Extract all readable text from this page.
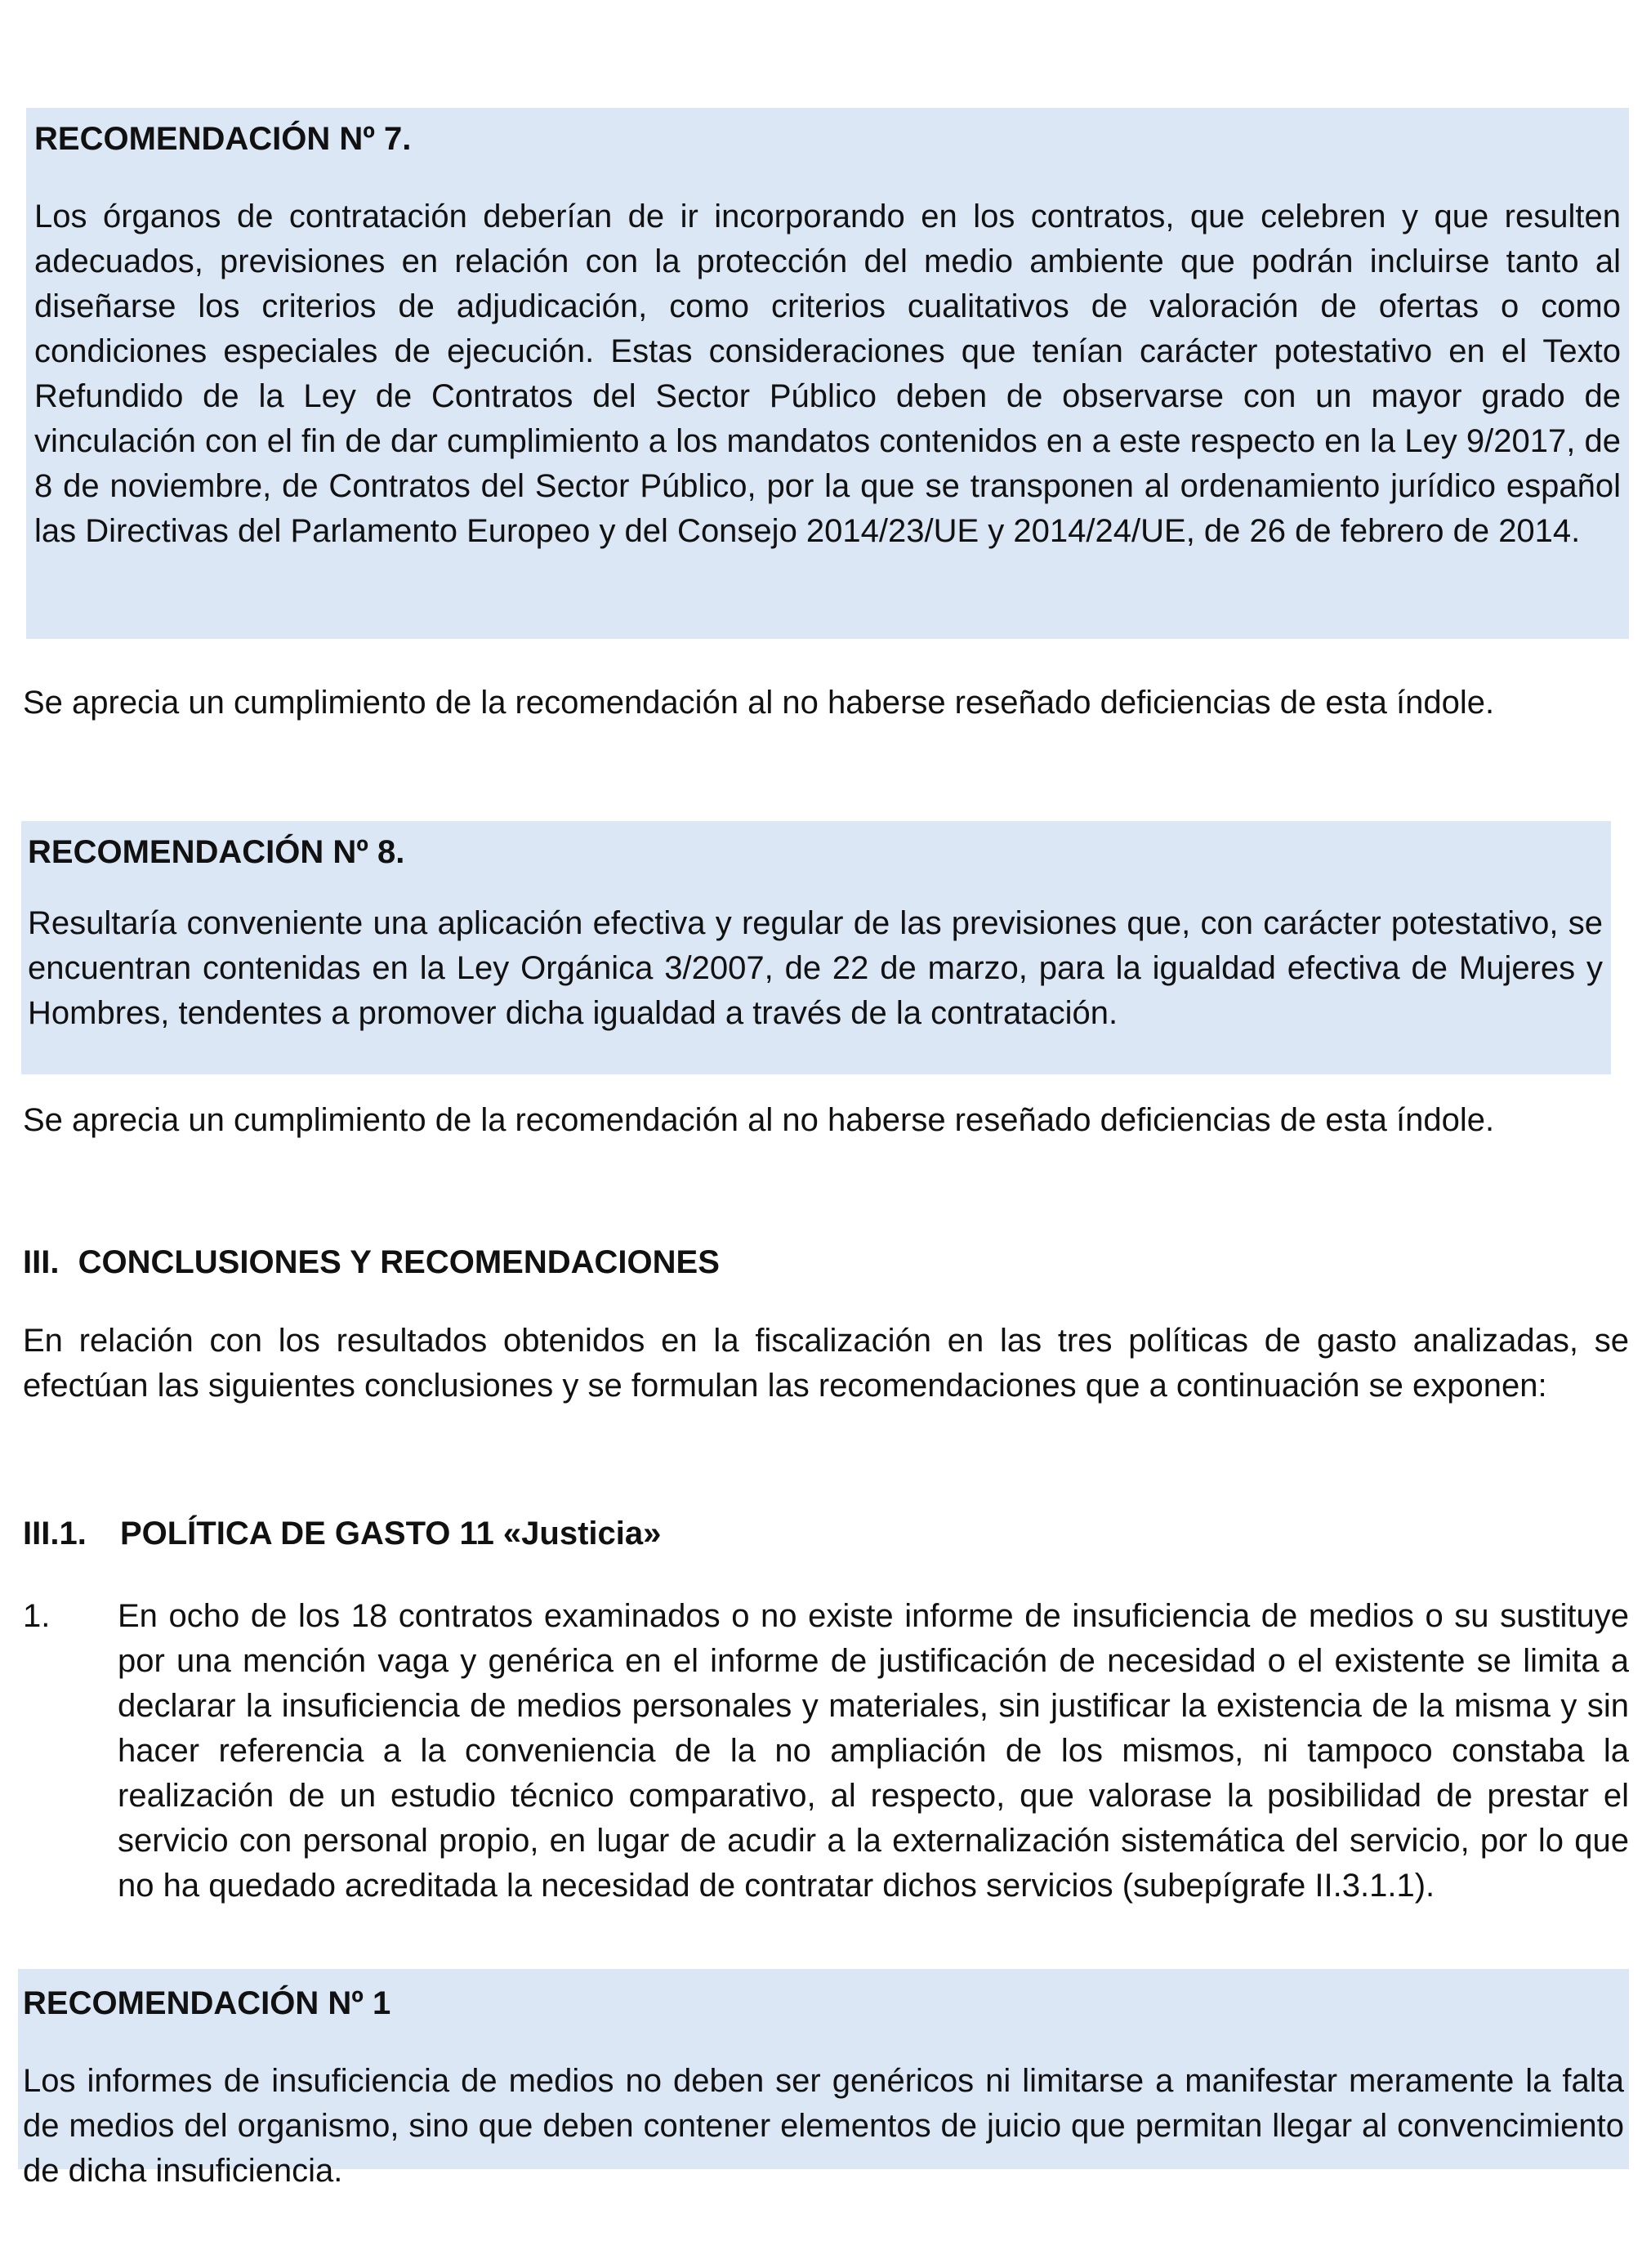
RECOMENDACIÓN Nº 7.

Los órganos de contratación deberían de ir incorporando en los contratos, que celebren y que resulten adecuados, previsiones en relación con la protección del medio ambiente que podrán incluirse tanto al diseñarse los criterios de adjudicación, como criterios cualitativos de valoración de ofertas o como condiciones especiales de ejecución. Estas consideraciones que tenían carácter potestativo en el Texto Refundido de la Ley de Contratos del Sector Público deben de observarse con un mayor grado de vinculación con el fin de dar cumplimiento a los mandatos contenidos en a este respecto en la Ley 9/2017, de 8 de noviembre, de Contratos del Sector Público, por la que se transponen al ordenamiento jurídico español las Directivas del Parlamento Europeo y del Consejo 2014/23/UE y 2014/24/UE, de 26 de febrero de 2014.

Se aprecia un cumplimiento de la recomendación al no haberse reseñado deficiencias de esta índole.

RECOMENDACIÓN Nº 8.

Resultaría conveniente una aplicación efectiva y regular de las previsiones que, con carácter potestativo, se encuentran contenidas en la Ley Orgánica 3/2007, de 22 de marzo, para la igualdad efectiva de Mujeres y Hombres, tendentes a promover dicha igualdad a través de la contratación.

Se aprecia un cumplimiento de la recomendación al no haberse reseñado deficiencias de esta índole.

III. CONCLUSIONES Y RECOMENDACIONES

En relación con los resultados obtenidos en la fiscalización en las tres políticas de gasto analizadas, se efectúan las siguientes conclusiones y se formulan las recomendaciones que a continuación se exponen:

III.1. POLÍTICA DE GASTO 11 «Justicia»
1. En ocho de los 18 contratos examinados o no existe informe de insuficiencia de medios o su sustituye por una mención vaga y genérica en el informe de justificación de necesidad o el existente se limita a declarar la insuficiencia de medios personales y materiales, sin justificar la existencia de la misma y sin hacer referencia a la conveniencia de la no ampliación de los mismos, ni tampoco constaba la realización de un estudio técnico comparativo, al respecto, que valorase la posibilidad de prestar el servicio con personal propio, en lugar de acudir a la externalización sistemática del servicio, por lo que no ha quedado acreditada la necesidad de contratar dichos servicios (subepígrafe II.3.1.1).

RECOMENDACIÓN Nº 1

Los informes de insuficiencia de medios no deben ser genéricos ni limitarse a manifestar meramente la falta de medios del organismo, sino que deben contener elementos de juicio que permitan llegar al convencimiento de dicha insuficiencia.
